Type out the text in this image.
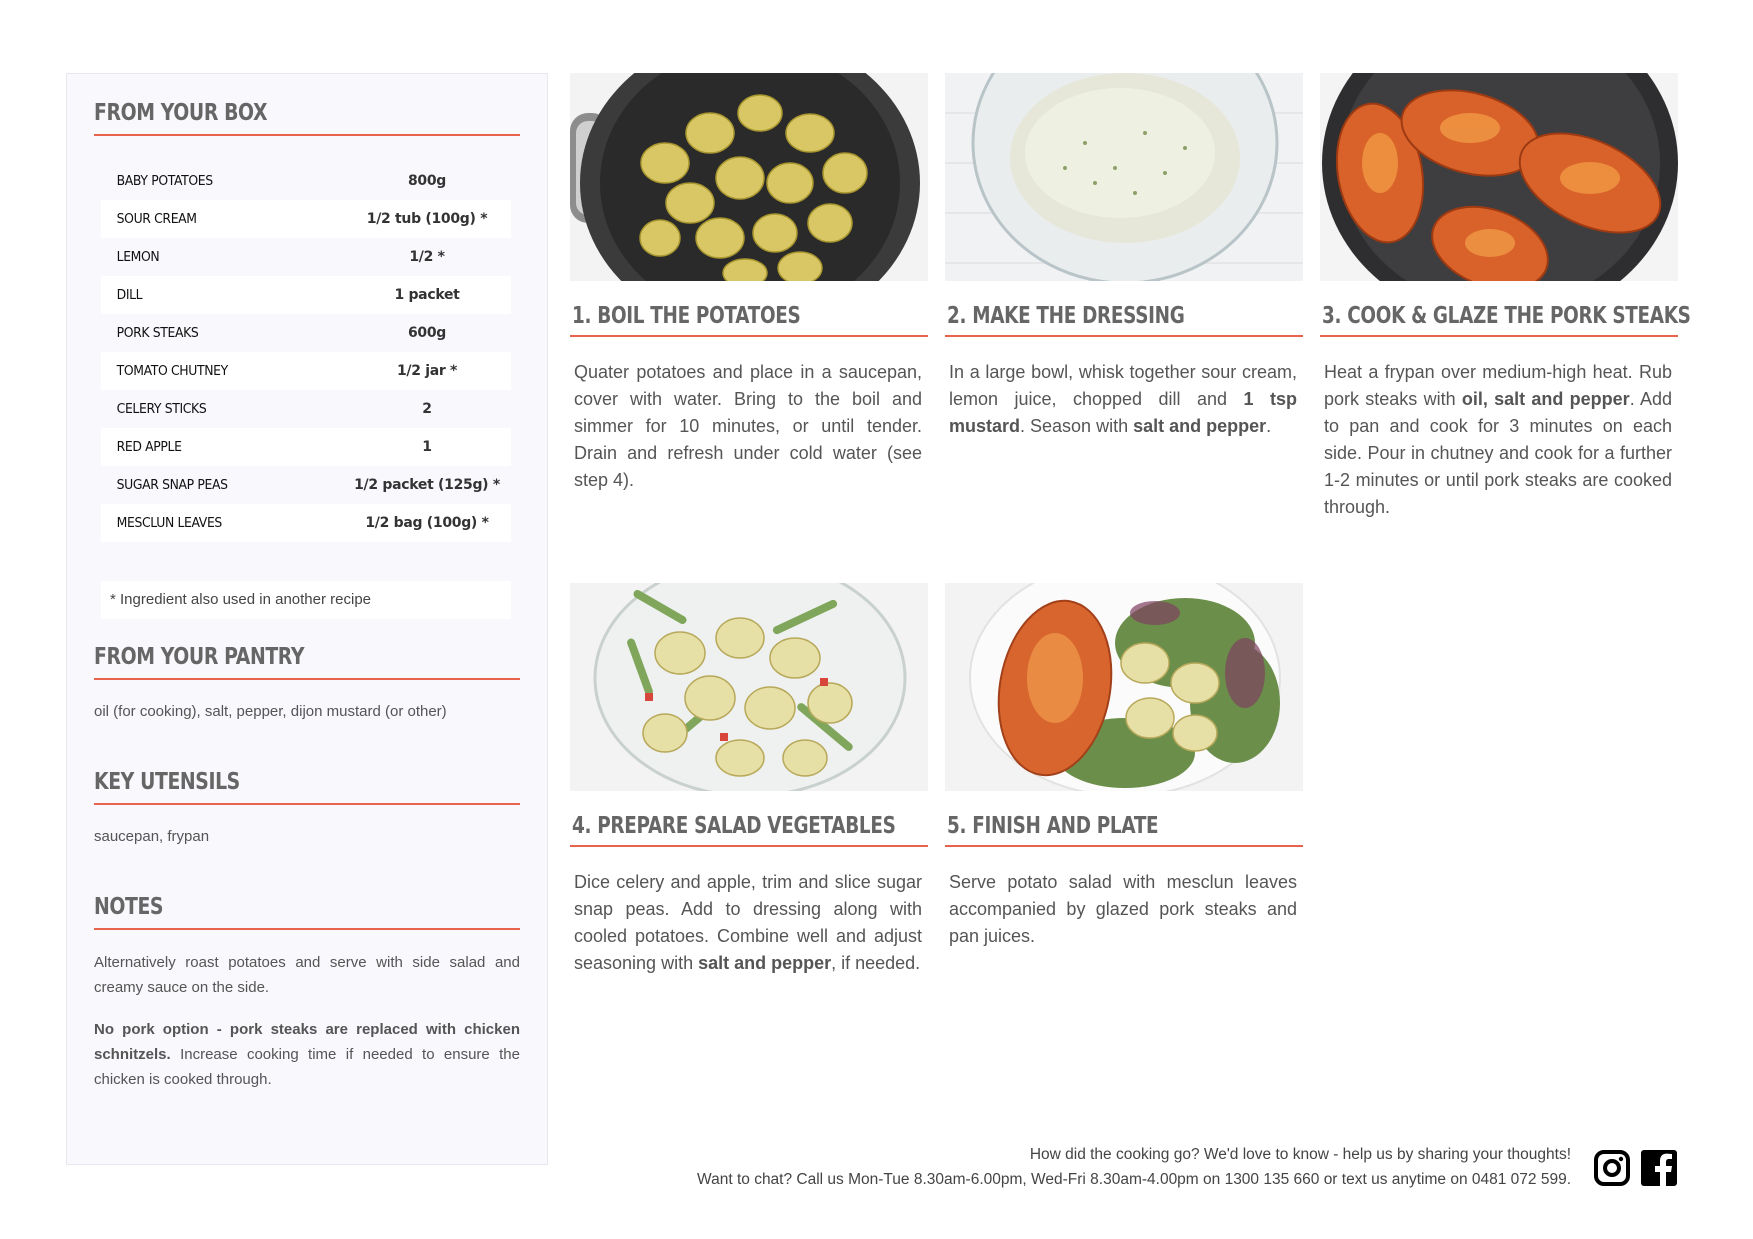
FROM YOUR BOX
BABY POTATOES	800g
SOUR CREAM	1/2 tub (100g) *
LEMON	1/2 *
DILL	1 packet
PORK STEAKS	600g
TOMATO CHUTNEY	1/2 jar *
CELERY STICKS	2
RED APPLE	1
SUGAR SNAP PEAS	1/2 packet (125g) *
MESCLUN LEAVES	1/2 bag (100g) *
* Ingredient also used in another recipe
FROM YOUR PANTRY
oil (for cooking), salt, pepper, dijon mustard (or other)
KEY UTENSILS
saucepan, frypan
NOTES
Alternatively roast potatoes and serve with side salad and creamy sauce on the side.
No pork option - pork steaks are replaced with chicken schnitzels. Increase cooking time if needed to ensure the chicken is cooked through.
1. BOIL THE POTATOES
Quater potatoes and place in a saucepan, cover with water. Bring to the boil and simmer for 10 minutes, or until tender. Drain and refresh under cold water (see step 4).
2. MAKE THE DRESSING
In a large bowl, whisk together sour cream, lemon juice, chopped dill and 1 tsp mustard. Season with salt and pepper.
3. COOK & GLAZE THE PORK STEAKS
Heat a frypan over medium-high heat. Rub pork steaks with oil, salt and pepper. Add to pan and cook for 3 minutes on each side. Pour in chutney and cook for a further 1-2 minutes or until pork steaks are cooked through.
4. PREPARE SALAD VEGETABLES
Dice celery and apple, trim and slice sugar snap peas. Add to dressing along with cooled potatoes. Combine well and adjust seasoning with salt and pepper, if needed.
5. FINISH AND PLATE
Serve potato salad with mesclun leaves accompanied by glazed pork steaks and pan juices.
How did the cooking go? We'd love to know - help us by sharing your thoughts!
Want to chat? Call us Mon-Tue 8.30am-6.00pm, Wed-Fri 8.30am-4.00pm on 1300 135 660 or text us anytime on 0481 072 599.
